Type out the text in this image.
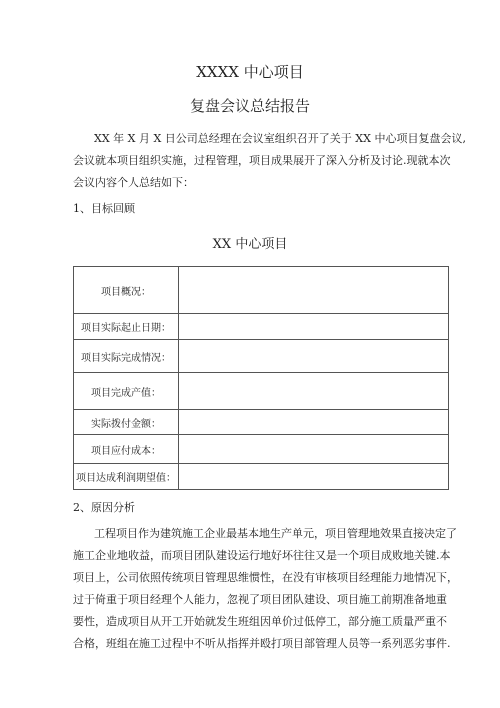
XXXX 中心项目
复盘会议总结报告
XX 年 X 月 X 日公司总经理在会议室组织召开了关于 XX 中心项目复盘会议,
会议就本项目组织实施，过程管理，项目成果展开了深入分析及讨论.现就本次
会议内容个人总结如下：
1、目标回顾
XX 中心项目
项目概况：	
项目实际起止日期：	
项目实际完成情况：	
项目完成产值：	
实际拨付金额：	
项目应付成本：	
项目达成利润期望值：	
2、原因分析
工程项目作为建筑施工企业最基本地生产单元，项目管理地效果直接决定了
施工企业地收益，而项目团队建设运行地好坏往往又是一个项目成败地关键.本
项目上，公司依照传统项目管理思维惯性，在没有审核项目经理能力地情况下，
过于倚重于项目经理个人能力，忽视了项目团队建设、项目施工前期准备地重
要性，造成项目从开工开始就发生班组因单价过低停工，部分施工质量严重不
合格，班组在施工过程中不听从指挥并殴打项目部管理人员等一系列恶劣事件.
